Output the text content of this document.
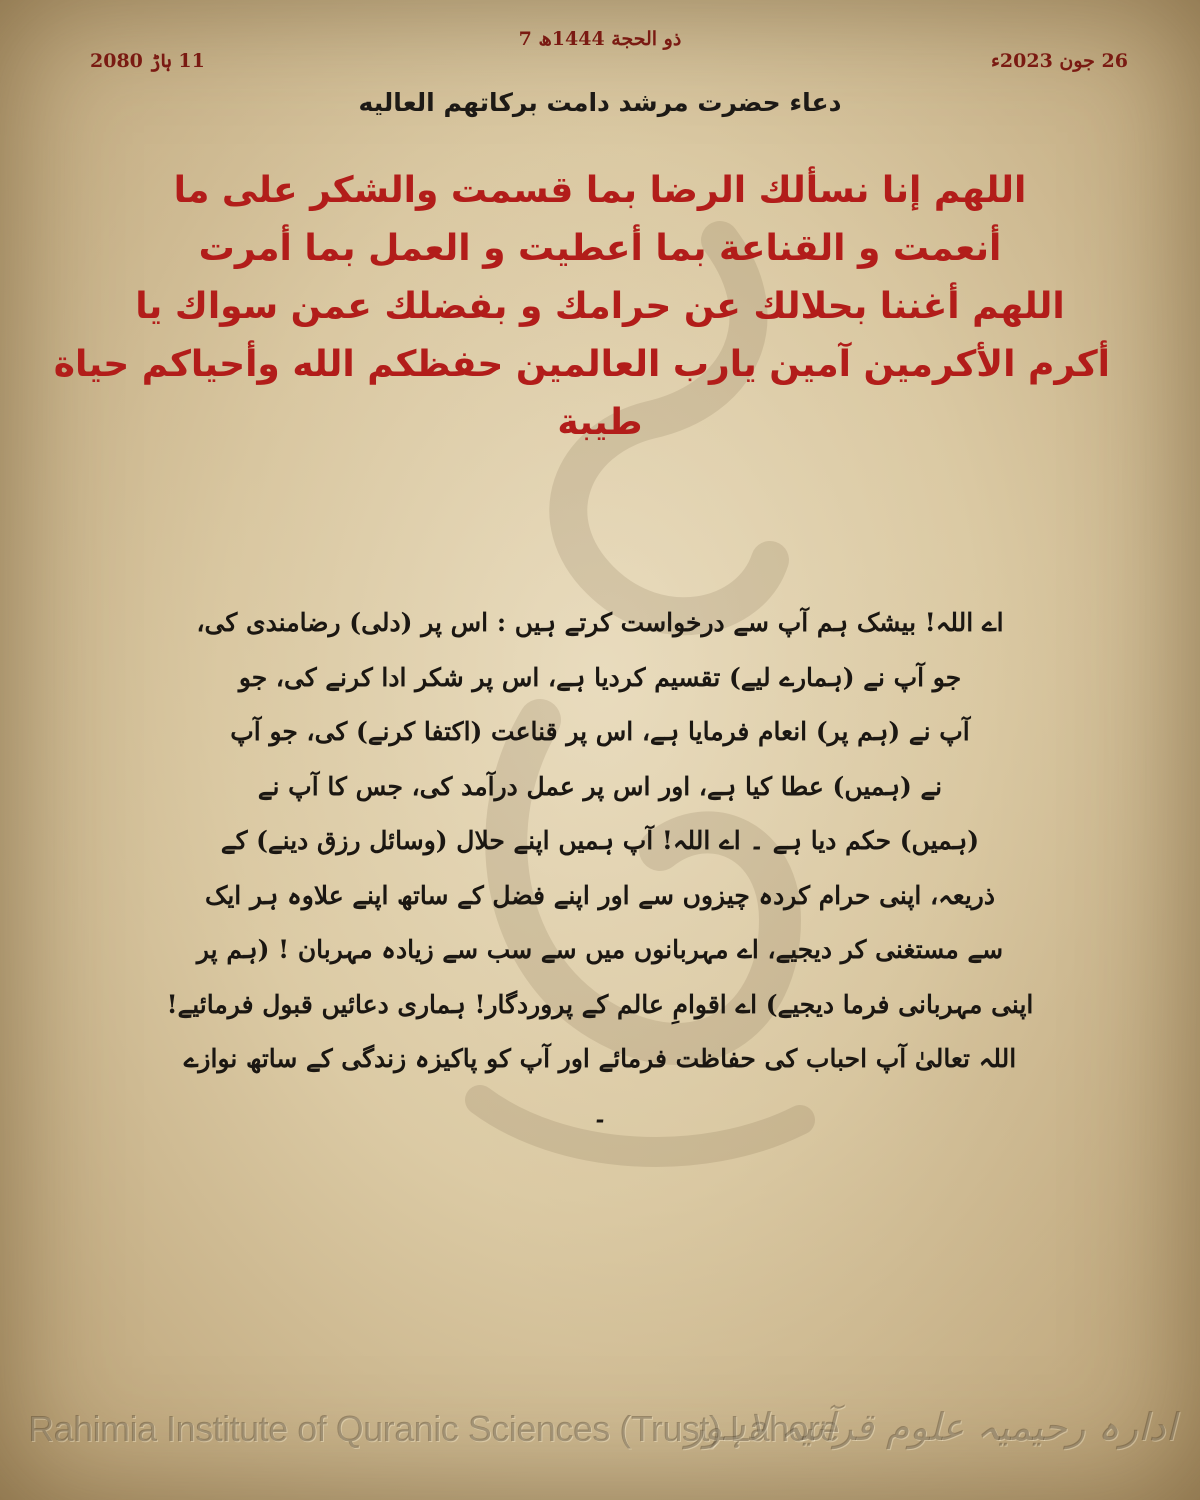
7 ذو الحجة 1444ھ
26 جون 2023ء
11 ہاڑ 2080
دعاء حضرت مرشد دامت برکاتھم العالیه
اللهم إنا نسألك الرضا بما قسمت والشكر على ما
أنعمت و القناعة بما أعطيت و العمل بما أمرت
اللهم أغننا بحلالك عن حرامك و بفضلك عمن سواك يا
أكرم الأكرمين آمين يارب العالمين حفظكم الله وأحياكم حياة
طيبة
اے اللہ! بیشک ہم آپ سے درخواست کرتے ہیں : اس پر (دلی) رضامندی کی،
جو آپ نے (ہمارے لیے) تقسیم کردیا ہے، اس پر شکر ادا کرنے کی، جو
آپ نے (ہم پر) انعام فرمایا ہے، اس پر قناعت (اکتفا کرنے) کی، جو آپ
نے (ہمیں) عطا کیا ہے، اور اس پر عمل درآمد کی، جس کا آپ نے
(ہمیں) حکم دیا ہے ۔ اے اللہ! آپ ہمیں اپنے حلال (وسائل رزق دینے) کے
ذریعہ، اپنی حرام کردہ چیزوں سے اور اپنے فضل کے ساتھ اپنے علاوہ ہر ایک
سے مستغنی کر دیجیے، اے مہربانوں میں سے سب سے زیادہ مہربان ! (ہم پر
اپنی مہربانی فرما دیجیے) اے اقوامِ عالم کے پروردگار! ہماری دعائیں قبول فرمائیے!
اللہ تعالیٰ آپ احباب کی حفاظت فرمائے اور آپ کو پاکیزہ زندگی کے ساتھ نوازے
۔
Rahimia Institute of Quranic Sciences (Trust) Lahore
ادارہ رحیمیہ علوم قرآنیہ لاہور
